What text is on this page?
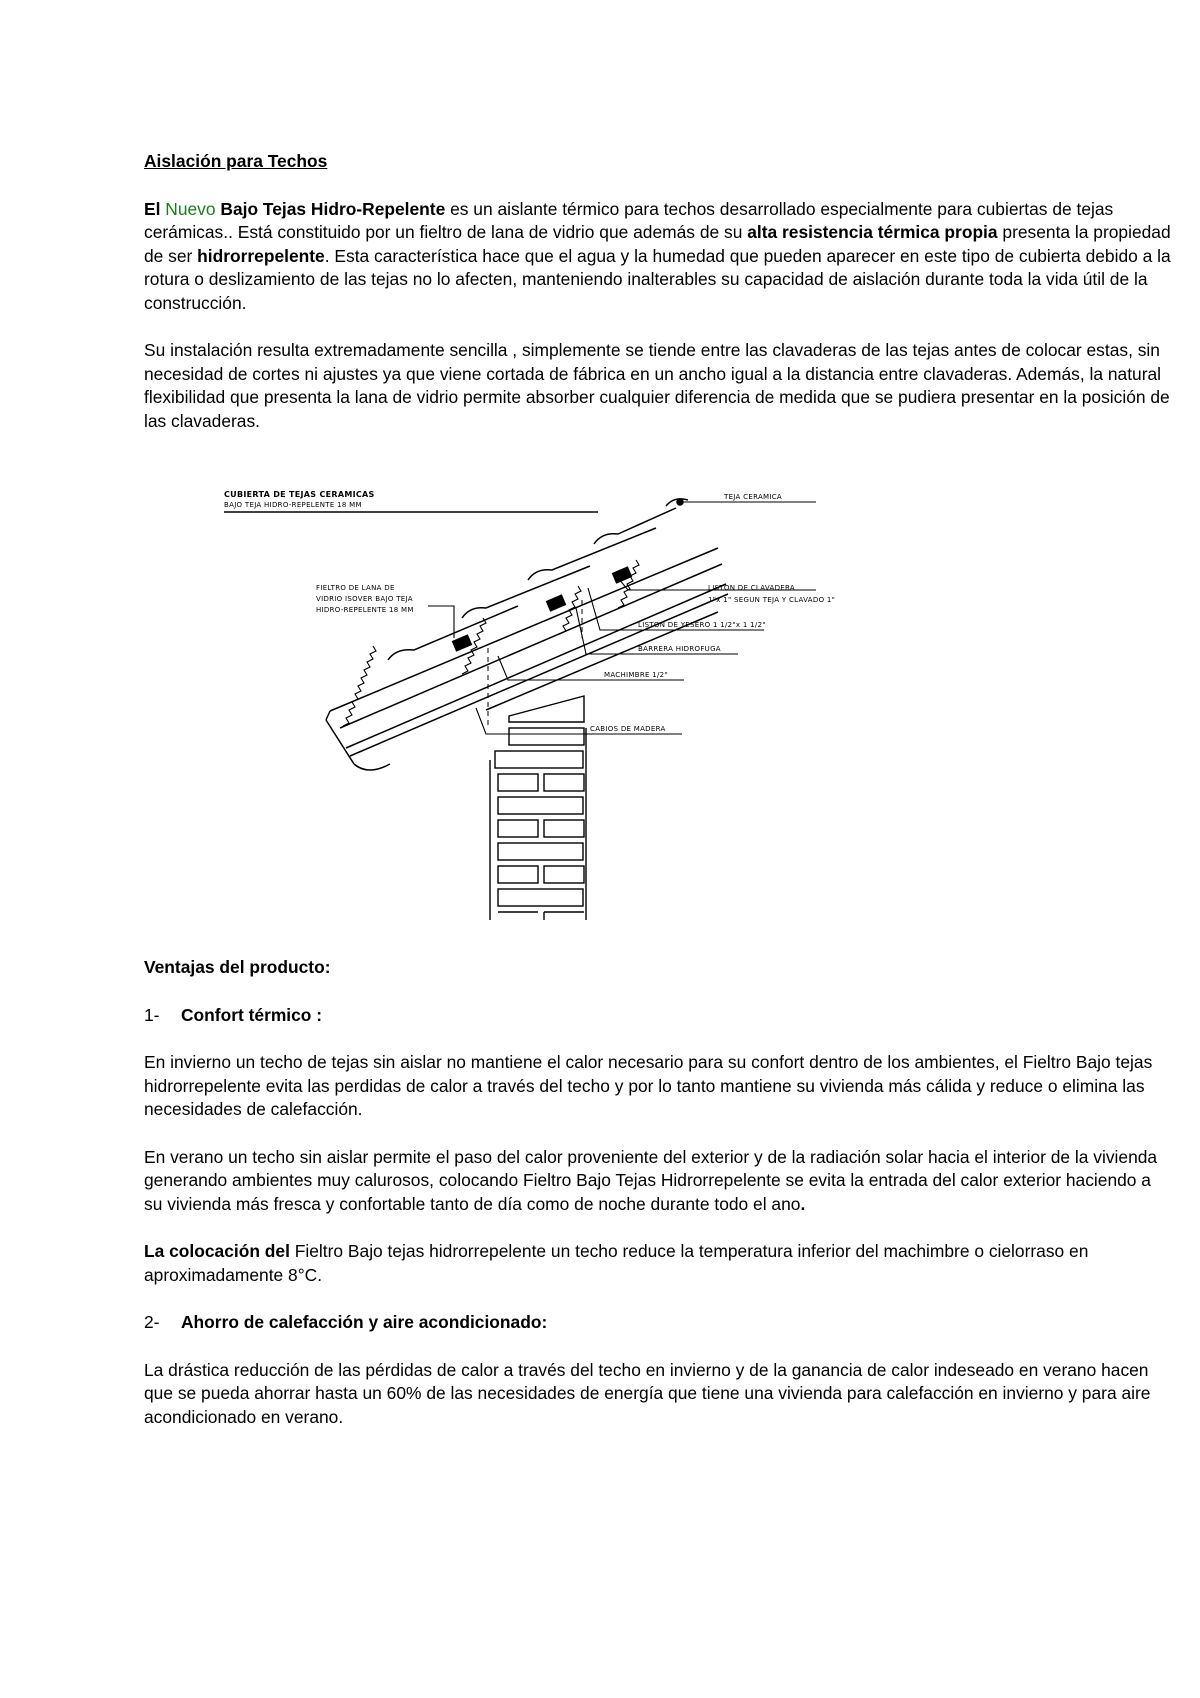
Aislación para Techos

El Nuevo Bajo Tejas Hidro-Repelente es un aislante térmico para techos desarrollado especialmente para cubiertas de tejas cerámicas.. Está constituido por un fieltro de lana de vidrio que además de su alta resistencia térmica propia presenta la propiedad de ser hidrorrepelente. Esta característica hace que el agua y la humedad que pueden aparecer en este tipo de cubierta debido a la rotura o deslizamiento de las tejas no lo afecten, manteniendo inalterables su capacidad de aislación durante toda la vida útil de la construcción.

Su instalación resulta extremadamente sencilla , simplemente se tiende entre las clavaderas de las tejas antes de colocar estas, sin necesidad de cortes ni ajustes ya que viene cortada de fábrica en un ancho igual a la distancia entre clavaderas. Además, la natural flexibilidad que presenta la lana de vidrio permite absorber cualquier diferencia de medida que se pudiera presentar en la posición de las clavaderas.

CUBIERTA DE TEJAS CERAMICAS
BAJO TEJA HIDRO-REPELENTE 18 MM
TEJA CERAMICA
FIELTRO DE LANA DE
VIDRIO ISOVER BAJO TEJA
HIDRO-REPELENTE 18 MM
LISTON DE CLAVADERA
1"x 1" SEGUN TEJA Y CLAVADO 1"
LISTON DE YESERO 1 1/2"x 1 1/2"
BARRERA HIDROFUGA
MACHIMBRE 1/2"
CABIOS DE MADERA
Ventajas del producto:
1- Confort térmico :

En invierno un techo de tejas sin aislar no mantiene el calor necesario para su confort dentro de los ambientes, el Fieltro Bajo tejas hidrorrepelente evita las perdidas de calor a través del techo y por lo tanto mantiene su vivienda más cálida y reduce o elimina las necesidades de calefacción.

En verano un techo sin aislar permite el paso del calor proveniente del exterior y de la radiación solar hacia el interior de la vivienda generando ambientes muy calurosos, colocando Fieltro Bajo Tejas Hidrorrepelente se evita la entrada del calor exterior haciendo a su vivienda más fresca y confortable tanto de día como de noche durante todo el ano.

La colocación del Fieltro Bajo tejas hidrorrepelente un techo reduce la temperatura inferior del machimbre o cielorraso en aproximadamente 8°C.

2- Ahorro de calefacción y aire acondicionado:

La drástica reducción de las pérdidas de calor a través del techo en invierno y de la ganancia de calor indeseado en verano hacen que se pueda ahorrar hasta un 60% de las necesidades de energía que tiene una vivienda para calefacción en invierno y para aire acondicionado en verano.
